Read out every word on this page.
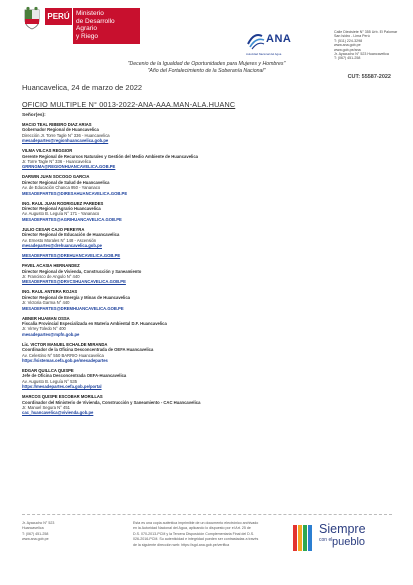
PERÚ Ministerio
de Desarrollo Agrario
y Riego	ANA
Autoridad Nacional del Agua
Calle Diecisiete N° 355 Urb. El Palomar
San Isidro - Lima Perú
T: (511) 224-3298
www.ana.gob.pe
www.gob.pe/ana
Jr. Ayacucho N° 523 Huancavelica
T: (067) 451-258
"Decenio de la Igualdad de Oportunidades para Mujeres y Hombres"
"Año del Fortalecimiento de la Soberanía Nacional"
CUT: 55587-2022
Huancavelica, 24 de marzo de 2022
OFICIO MULTIPLE N° 0013-2022-ANA-AAA.MAN-ALA.HUANC
Señor(es):
MACIO TEAL RIBEIRO DIAZ ARIAS
Gobernador Regional de Huancavelica
Dirección Jr. Torre Tagle N° 336 - Huancavelica
mesadepartes@regionhuancavelica.gob.pe
VILMA VILCAS REGGIOR
Gerente Regional de Recursos Naturales y Gestión del Medio Ambiente de Huancavelica
Jr. Torre Tagle N° 336 - Huancavelica
GRRNGMA@REGIONHUANCAVELICA.GOB.PE
DARWIN JUAN SOCOGO GARCIA
Director Regional de Salud de Huancavelica
Av. de Educación Chanca 950 - Yananaco
MESADEPARTES@DIRESAHUANCAVELICA.GOB.PE
ING. RAUL JUAN RODRIGUEZ PAREDES
Director Regional Agrario Huancavelica
Av. Augusto B. Leguía N° 171 - Yananaco
MESADEPARTES@AGRIHUANCAVELICA.GOB.PE
JULIO CESAR CAJO PEREYRA
Director Regional de Educación de Huancavelica
Av. Ernesto Morales N° 148 - Ascensión
mesadepartes@drehuancavelica.gob.pe
MESADEPARTES@DREHUANCAVELICA.GOB.PE
PAVEL ACASIA HERNANDEZ
Director Regional de Vivienda, Construcción y Saneamiento
Jr. Francisco de Angulo N° 440
MESADEPARTES@DRVCSHUANCAVELICA.GOB.PE
ING. RAUL ANTERA ROJAS
Director Regional de Energía y Minas de Huancavelica
Jr. Victoria Garma N° 440
MESADEPARTES@DREMHUANCAVELICA.GOB.PE
ABNER HUAMAN OSSA
Fiscalía Provincial Especializada en Materia Ambiental D.F. Huancavelica
Jr. Virrey Toledo N° 400
mesadepartes@mpfn.gob.pe
Lic. VICTOR MANUEL ECHALDE MIRANDA
Coordinador de la Oficina Desconcentrada de OEFA Huancavelica
Av. Celestino N° 550 BARRIO Huancavelica
https://sistemas.oefa.gob.pe/mesadepartes
EDGAR QUILLCA QUISPE
Jefe de Oficina Desconcentrada OEFA-Huancavelica
Av. Augusto B. Leguía N° 535
https://mesadepartes.oefa.gob.pe/portal
MARCOS QUISPE ESCOBAR MORILLAS
Coordinador del Ministerio de Vivienda, Construcción y Saneamiento - CAC Huancavelica
Jr. Manuel Segura N° 451
cac_huancavelica@vivienda.gob.pe
Jr. Ayacucho N° 523
Huancavelica
T: (067) 451-258
www.ana.gob.pe
Esta es una copia auténtica imprimible de un documento electrónico archivado
en la Autoridad Nacional del Agua, aplicando lo dispuesto por el Art. 25 de
D.S. 070-2013-PCM y la Tercera Disposición Complementaria Final del D.S.
026-2016-PCM. Su autenticidad e integridad pueden ser contrastadas a través
de la siguiente dirección web: https://sgd.ana.gob.pe/verifica
Siempre
con el pueblo
